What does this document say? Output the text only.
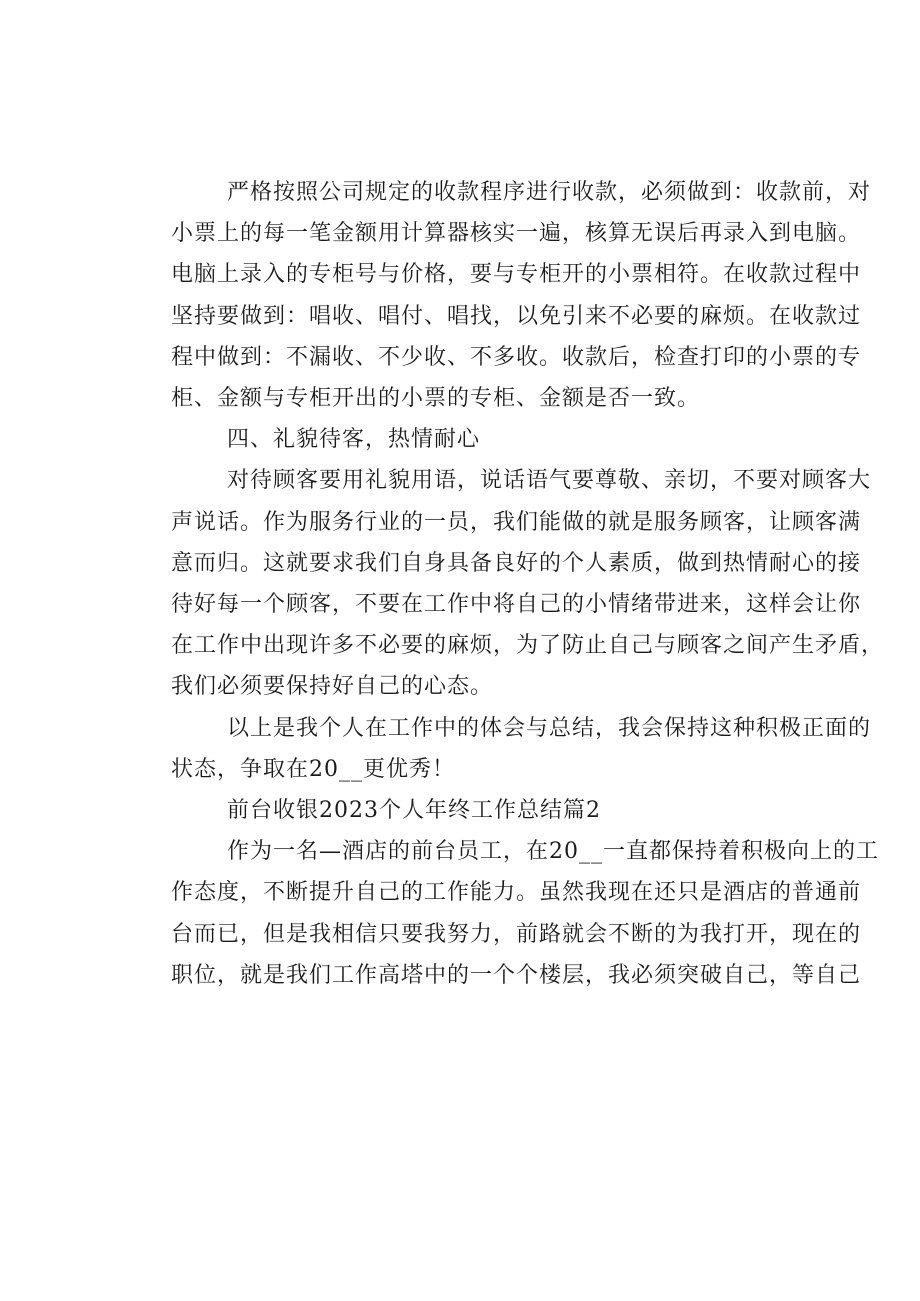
严格按照公司规定的收款程序进行收款，必须做到：收款前，对
小票上的每一笔金额用计算器核实一遍，核算无误后再录入到电脑。
电脑上录入的专柜号与价格，要与专柜开的小票相符。在收款过程中
坚持要做到：唱收、唱付、唱找，以免引来不必要的麻烦。在收款过
程中做到：不漏收、不少收、不多收。收款后，检查打印的小票的专
柜、金额与专柜开出的小票的专柜、金额是否一致。
四、礼貌待客，热情耐心
对待顾客要用礼貌用语，说话语气要尊敬、亲切，不要对顾客大
声说话。作为服务行业的一员，我们能做的就是服务顾客，让顾客满
意而归。这就要求我们自身具备良好的个人素质，做到热情耐心的接
待好每一个顾客，不要在工作中将自己的小情绪带进来，这样会让你
在工作中出现许多不必要的麻烦，为了防止自己与顾客之间产生矛盾，
我们必须要保持好自己的心态。
以上是我个人在工作中的体会与总结，我会保持这种积极正面的
状态，争取在20__更优秀！
前台收银2023个人年终工作总结篇2
作为一名—酒店的前台员工，在20__一直都保持着积极向上的工
作态度，不断提升自己的工作能力。虽然我现在还只是酒店的普通前
台而已，但是我相信只要我努力，前路就会不断的为我打开，现在的
职位，就是我们工作高塔中的一个个楼层，我必须突破自己，等自己
